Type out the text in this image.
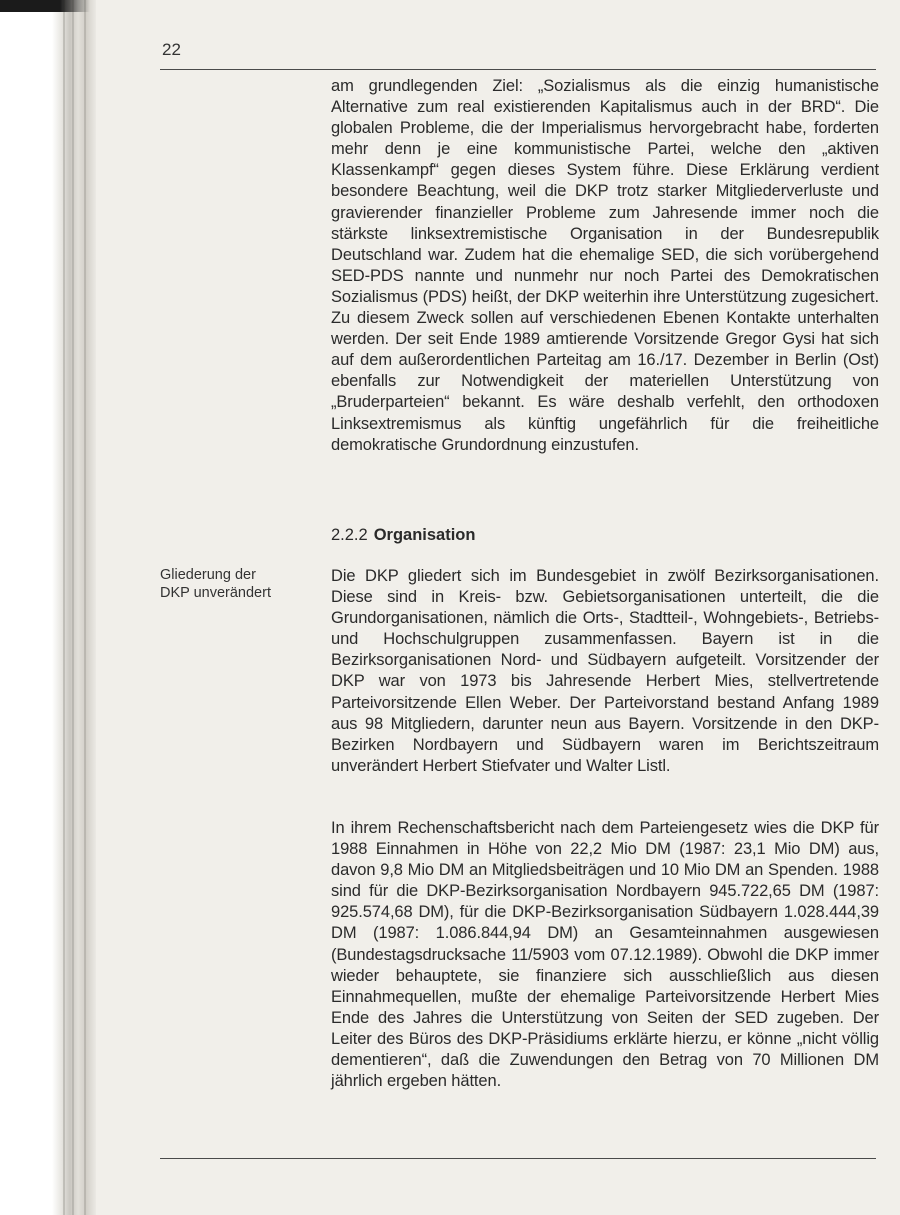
22

am grundlegenden Ziel: „Sozialismus als die einzig humanistische Alternative zum real existierenden Kapitalismus auch in der BRD“. Die globalen Probleme, die der Imperialismus hervorgebracht habe, forderten mehr denn je eine kommunistische Partei, welche den „aktiven Klassenkampf“ gegen dieses System führe. Diese Erklärung verdient besondere Beachtung, weil die DKP trotz starker Mitgliederverluste und gravierender finanzieller Probleme zum Jahresende immer noch die stärkste linksextremistische Organisation in der Bundesrepublik Deutschland war. Zudem hat die ehemalige SED, die sich vorübergehend SED-PDS nannte und nunmehr nur noch Partei des Demokratischen Sozialismus (PDS) heißt, der DKP weiterhin ihre Unterstützung zugesichert. Zu diesem Zweck sollen auf verschiedenen Ebenen Kontakte unterhalten werden. Der seit Ende 1989 amtierende Vorsitzende Gregor Gysi hat sich auf dem außerordentlichen Parteitag am 16./17. Dezember in Berlin (Ost) ebenfalls zur Notwendigkeit der materiellen Unterstützung von „Bruderparteien“ bekannt. Es wäre deshalb verfehlt, den orthodoxen Linksextremismus als künftig ungefährlich für die freiheitliche demokratische Grundordnung einzustufen.

2.2.2 Organisation

Gliederung der
DKP unverändert

Die DKP gliedert sich im Bundesgebiet in zwölf Bezirksorganisationen. Diese sind in Kreis- bzw. Gebietsorganisationen unterteilt, die die Grundorganisationen, nämlich die Orts-, Stadtteil-, Wohngebiets-, Betriebs- und Hochschulgruppen zusammenfassen. Bayern ist in die Bezirksorganisationen Nord- und Südbayern aufgeteilt. Vorsitzender der DKP war von 1973 bis Jahresende Herbert Mies, stellvertretende Parteivorsitzende Ellen Weber. Der Parteivorstand bestand Anfang 1989 aus 98 Mitgliedern, darunter neun aus Bayern. Vorsitzende in den DKP-Bezirken Nordbayern und Südbayern waren im Berichtszeitraum unverändert Herbert Stiefvater und Walter Listl.

In ihrem Rechenschaftsbericht nach dem Parteiengesetz wies die DKP für 1988 Einnahmen in Höhe von 22,2 Mio DM (1987: 23,1 Mio DM) aus, davon 9,8 Mio DM an Mitgliedsbeiträgen und 10 Mio DM an Spenden. 1988 sind für die DKP-Bezirksorganisation Nordbayern 945.722,65 DM (1987: 925.574,68 DM), für die DKP-Bezirksorganisation Südbayern 1.028.444,39 DM (1987: 1.086.844,94 DM) an Gesamteinnahmen ausgewiesen (Bundestagsdrucksache 11/5903 vom 07.12.1989). Obwohl die DKP immer wieder behauptete, sie finanziere sich ausschließlich aus diesen Einnahmequellen, mußte der ehemalige Parteivorsitzende Herbert Mies Ende des Jahres die Unterstützung von Seiten der SED zugeben. Der Leiter des Büros des DKP-Präsidiums erklärte hierzu, er könne „nicht völlig dementieren“, daß die Zuwendungen den Betrag von 70 Millionen DM jährlich ergeben hätten.
